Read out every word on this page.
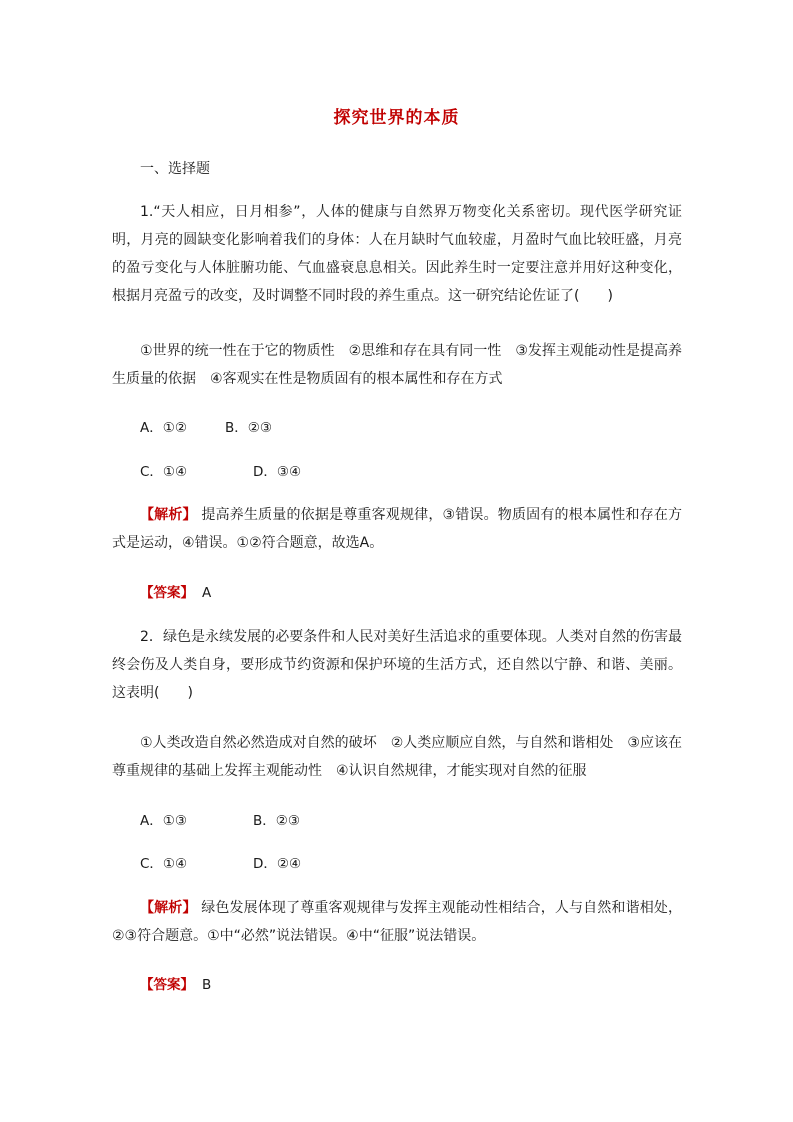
探究世界的本质
一、选择题
1.“天人相应，日月相参”，人体的健康与自然界万物变化关系密切。现代医学研究证明，月亮的圆缺变化影响着我们的身体：人在月缺时气血较虚，月盈时气血比较旺盛，月亮的盈亏变化与人体脏腑功能、气血盛衰息息相关。因此养生时一定要注意并用好这种变化，根据月亮盈亏的改变，及时调整不同时段的养生重点。这一研究结论佐证了(　　)
①世界的统一性在于它的物质性　②思维和存在具有同一性　③发挥主观能动性是提高养生质量的依据　④客观实在性是物质固有的根本属性和存在方式
A．①②	B．②③
C．①④	D．③④
【解析】 提高养生质量的依据是尊重客观规律，③错误。物质固有的根本属性和存在方式是运动，④错误。①②符合题意，故选A。
【答案】 A
2．绿色是永续发展的必要条件和人民对美好生活追求的重要体现。人类对自然的伤害最终会伤及人类自身，要形成节约资源和保护环境的生活方式，还自然以宁静、和谐、美丽。这表明(　　)
①人类改造自然必然造成对自然的破坏　②人类应顺应自然，与自然和谐相处　③应该在尊重规律的基础上发挥主观能动性　④认识自然规律，才能实现对自然的征服
A．①③	B．②③
C．①④	D．②④
【解析】 绿色发展体现了尊重客观规律与发挥主观能动性相结合，人与自然和谐相处，②③符合题意。①中“必然”说法错误。④中“征服”说法错误。
【答案】 B
